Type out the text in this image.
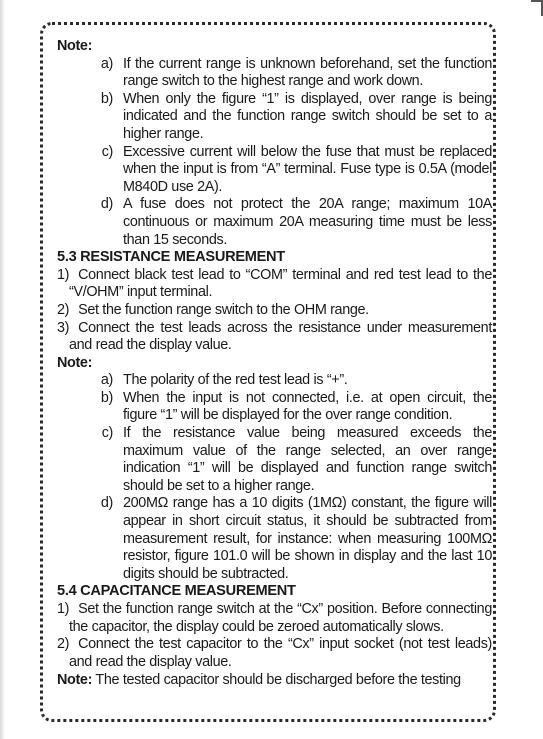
Note:
a) If the current range is unknown beforehand, set the function range switch to the highest range and work down.
b) When only the figure “1” is displayed, over range is being indicated and the function range switch should be set to a higher range.
c) Excessive current will below the fuse that must be replaced when the input is from “A” terminal. Fuse type is 0.5A (model M840D use 2A).
d) A fuse does not protect the 20A range; maximum 10A continuous or maximum 20A measuring time must be less than 15 seconds.
5.3 RESISTANCE MEASUREMENT
1) Connect black test lead to “COM” terminal and red test lead to the “V/OHM” input terminal.
2) Set the function range switch to the OHM range.
3) Connect the test leads across the resistance under measurement and read the display value.
Note:
a) The polarity of the red test lead is “+”.
b) When the input is not connected, i.e. at open circuit, the figure “1” will be displayed for the over range condition.
c) If the resistance value being measured exceeds the maximum value of the range selected, an over range indication “1” will be displayed and function range switch should be set to a higher range.
d) 200MΩ range has a 10 digits (1MΩ) constant, the figure will appear in short circuit status, it should be subtracted from measurement result, for instance: when measuring 100MΩ resistor, figure 101.0 will be shown in display and the last 10 digits should be subtracted.
5.4 CAPACITANCE MEASUREMENT
1) Set the function range switch at the “Cx” position. Before connecting the capacitor, the display could be zeroed automatically slows.
2) Connect the test capacitor to the “Cx” input socket (not test leads) and read the display value.
Note: The tested capacitor should be discharged before the testing
